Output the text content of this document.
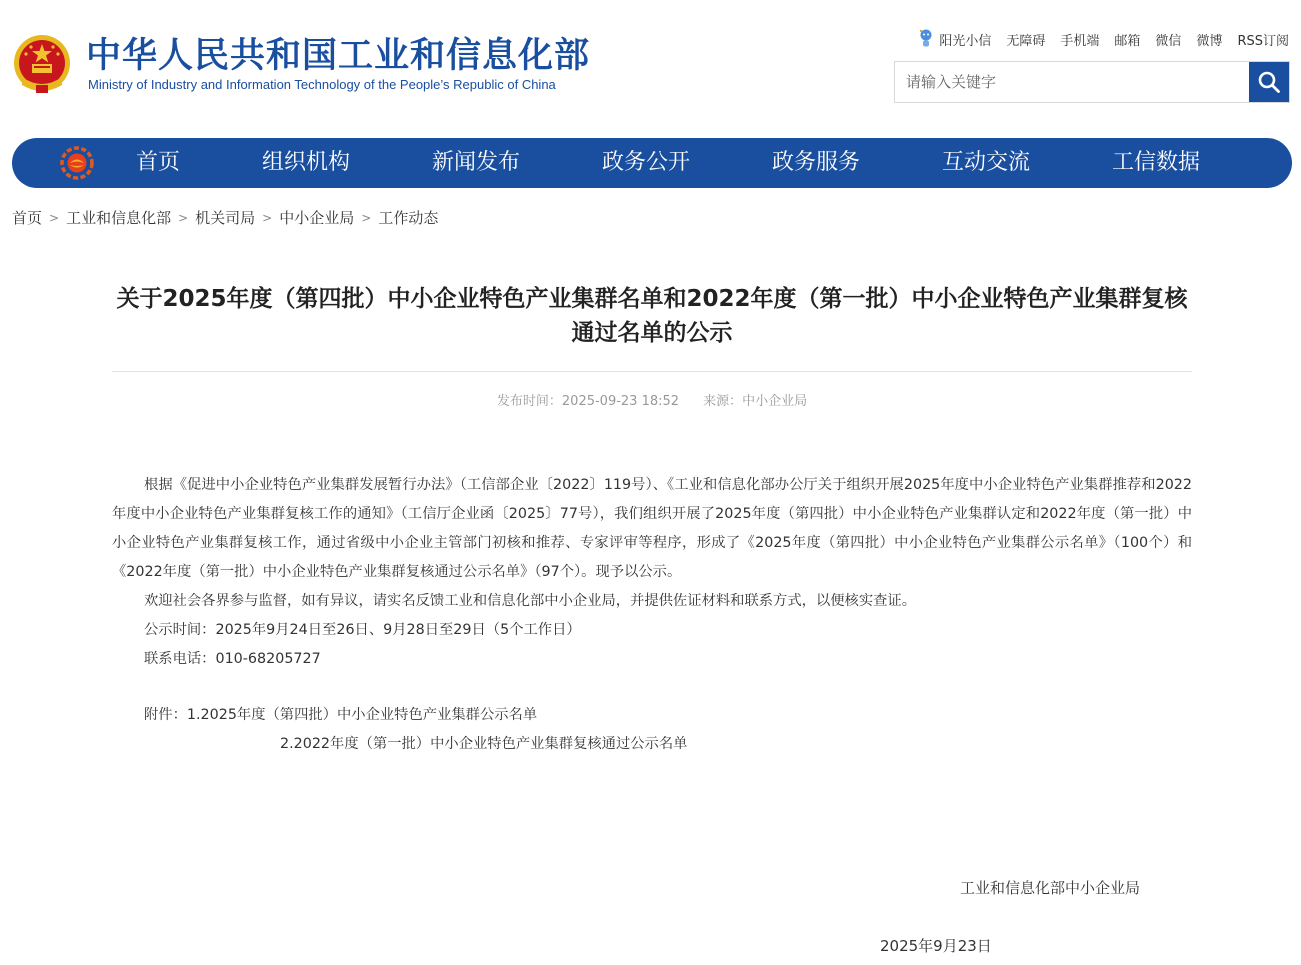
中华人民共和国工业和信息化部
Ministry of Industry and Information Technology of the People’s Republic of China
阳光小信 无障碍 手机端 邮箱 微信 微博 RSS订阅
请输入关键字
首页	组织机构	新闻发布	政务公开	政务服务	互动交流	工信数据
首页 > 工业和信息化部 > 机关司局 > 中小企业局 > 工作动态
关于2025年度（第四批）中小企业特色产业集群名单和2022年度（第一批）中小企业特色产业集群复核通过名单的公示
发布时间：2025-09-23 18:52 来源：中小企业局

根据《促进中小企业特色产业集群发展暂行办法》（工信部企业〔2022〕119号）、《工业和信息化部办公厅关于组织开展2025年度中小企业特色产业集群推荐和2022年度中小企业特色产业集群复核工作的通知》（工信厅企业函〔2025〕77号），我们组织开展了2025年度（第四批）中小企业特色产业集群认定和2022年度（第一批）中小企业特色产业集群复核工作，通过省级中小企业主管部门初核和推荐、专家评审等程序，形成了《2025年度（第四批）中小企业特色产业集群公示名单》（100个）和《2022年度（第一批）中小企业特色产业集群复核通过公示名单》（97个）。现予以公示。

欢迎社会各界参与监督，如有异议，请实名反馈工业和信息化部中小企业局，并提供佐证材料和联系方式，以便核实查证。

公示时间：2025年9月24日至26日、9月28日至29日（5个工作日）

联系电话：010-68205727

附件：1.2025年度（第四批）中小企业特色产业集群公示名单
2.2022年度（第一批）中小企业特色产业集群复核通过公示名单
工业和信息化部中小企业局
2025年9月23日
